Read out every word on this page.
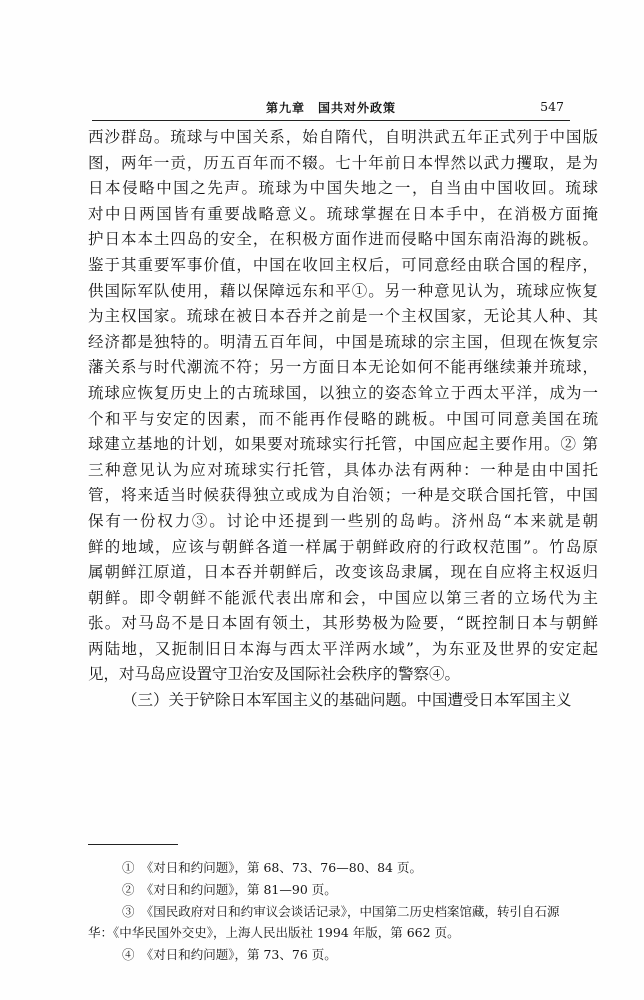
第九章　国共对外政策	547
西沙群岛。琉球与中国关系，始自隋代，自明洪武五年正式列于中国版
图，两年一贡，历五百年而不辍。七十年前日本悍然以武力攫取，是为
日本侵略中国之先声。琉球为中国失地之一，自当由中国收回。琉球
对中日两国皆有重要战略意义。琉球掌握在日本手中，在消极方面掩
护日本本土四岛的安全，在积极方面作进而侵略中国东南沿海的跳板。
鉴于其重要军事价值，中国在收回主权后，可同意经由联合国的程序，
供国际军队使用，藉以保障远东和平①。另一种意见认为，琉球应恢复
为主权国家。琉球在被日本吞并之前是一个主权国家，无论其人种、其
经济都是独特的。明清五百年间，中国是琉球的宗主国，但现在恢复宗
藩关系与时代潮流不符；另一方面日本无论如何不能再继续兼并琉球，
琉球应恢复历史上的古琉球国，以独立的姿态耸立于西太平洋，成为一
个和平与安定的因素，而不能再作侵略的跳板。中国可同意美国在琉
球建立基地的计划，如果要对琉球实行托管，中国应起主要作用。② 第
三种意见认为应对琉球实行托管，具体办法有两种：一种是由中国托
管，将来适当时候获得独立或成为自治领；一种是交联合国托管，中国
保有一份权力③。讨论中还提到一些别的岛屿。济州岛“本来就是朝
鲜的地域，应该与朝鲜各道一样属于朝鲜政府的行政权范围”。竹岛原
属朝鲜江原道，日本吞并朝鲜后，改变该岛隶属，现在自应将主权返归
朝鲜。即令朝鲜不能派代表出席和会，中国应以第三者的立场代为主
张。对马岛不是日本固有领土，其形势极为险要，“既控制日本与朝鲜
两陆地，又扼制旧日本海与西太平洋两水域”，为东亚及世界的安定起
见，对马岛应设置守卫治安及国际社会秩序的警察④。
（三）关于铲除日本军国主义的基础问题。中国遭受日本军国主义
①　《对日和约问题》，第 68、73、76—80、84 页。
②　《对日和约问题》，第 81—90 页。
③　《国民政府对日和约审议会谈话记录》，中国第二历史档案馆藏，转引自石源
华：《中华民国外交史》，上海人民出版社 1994 年版，第 662 页。
④　《对日和约问题》，第 73、76 页。
